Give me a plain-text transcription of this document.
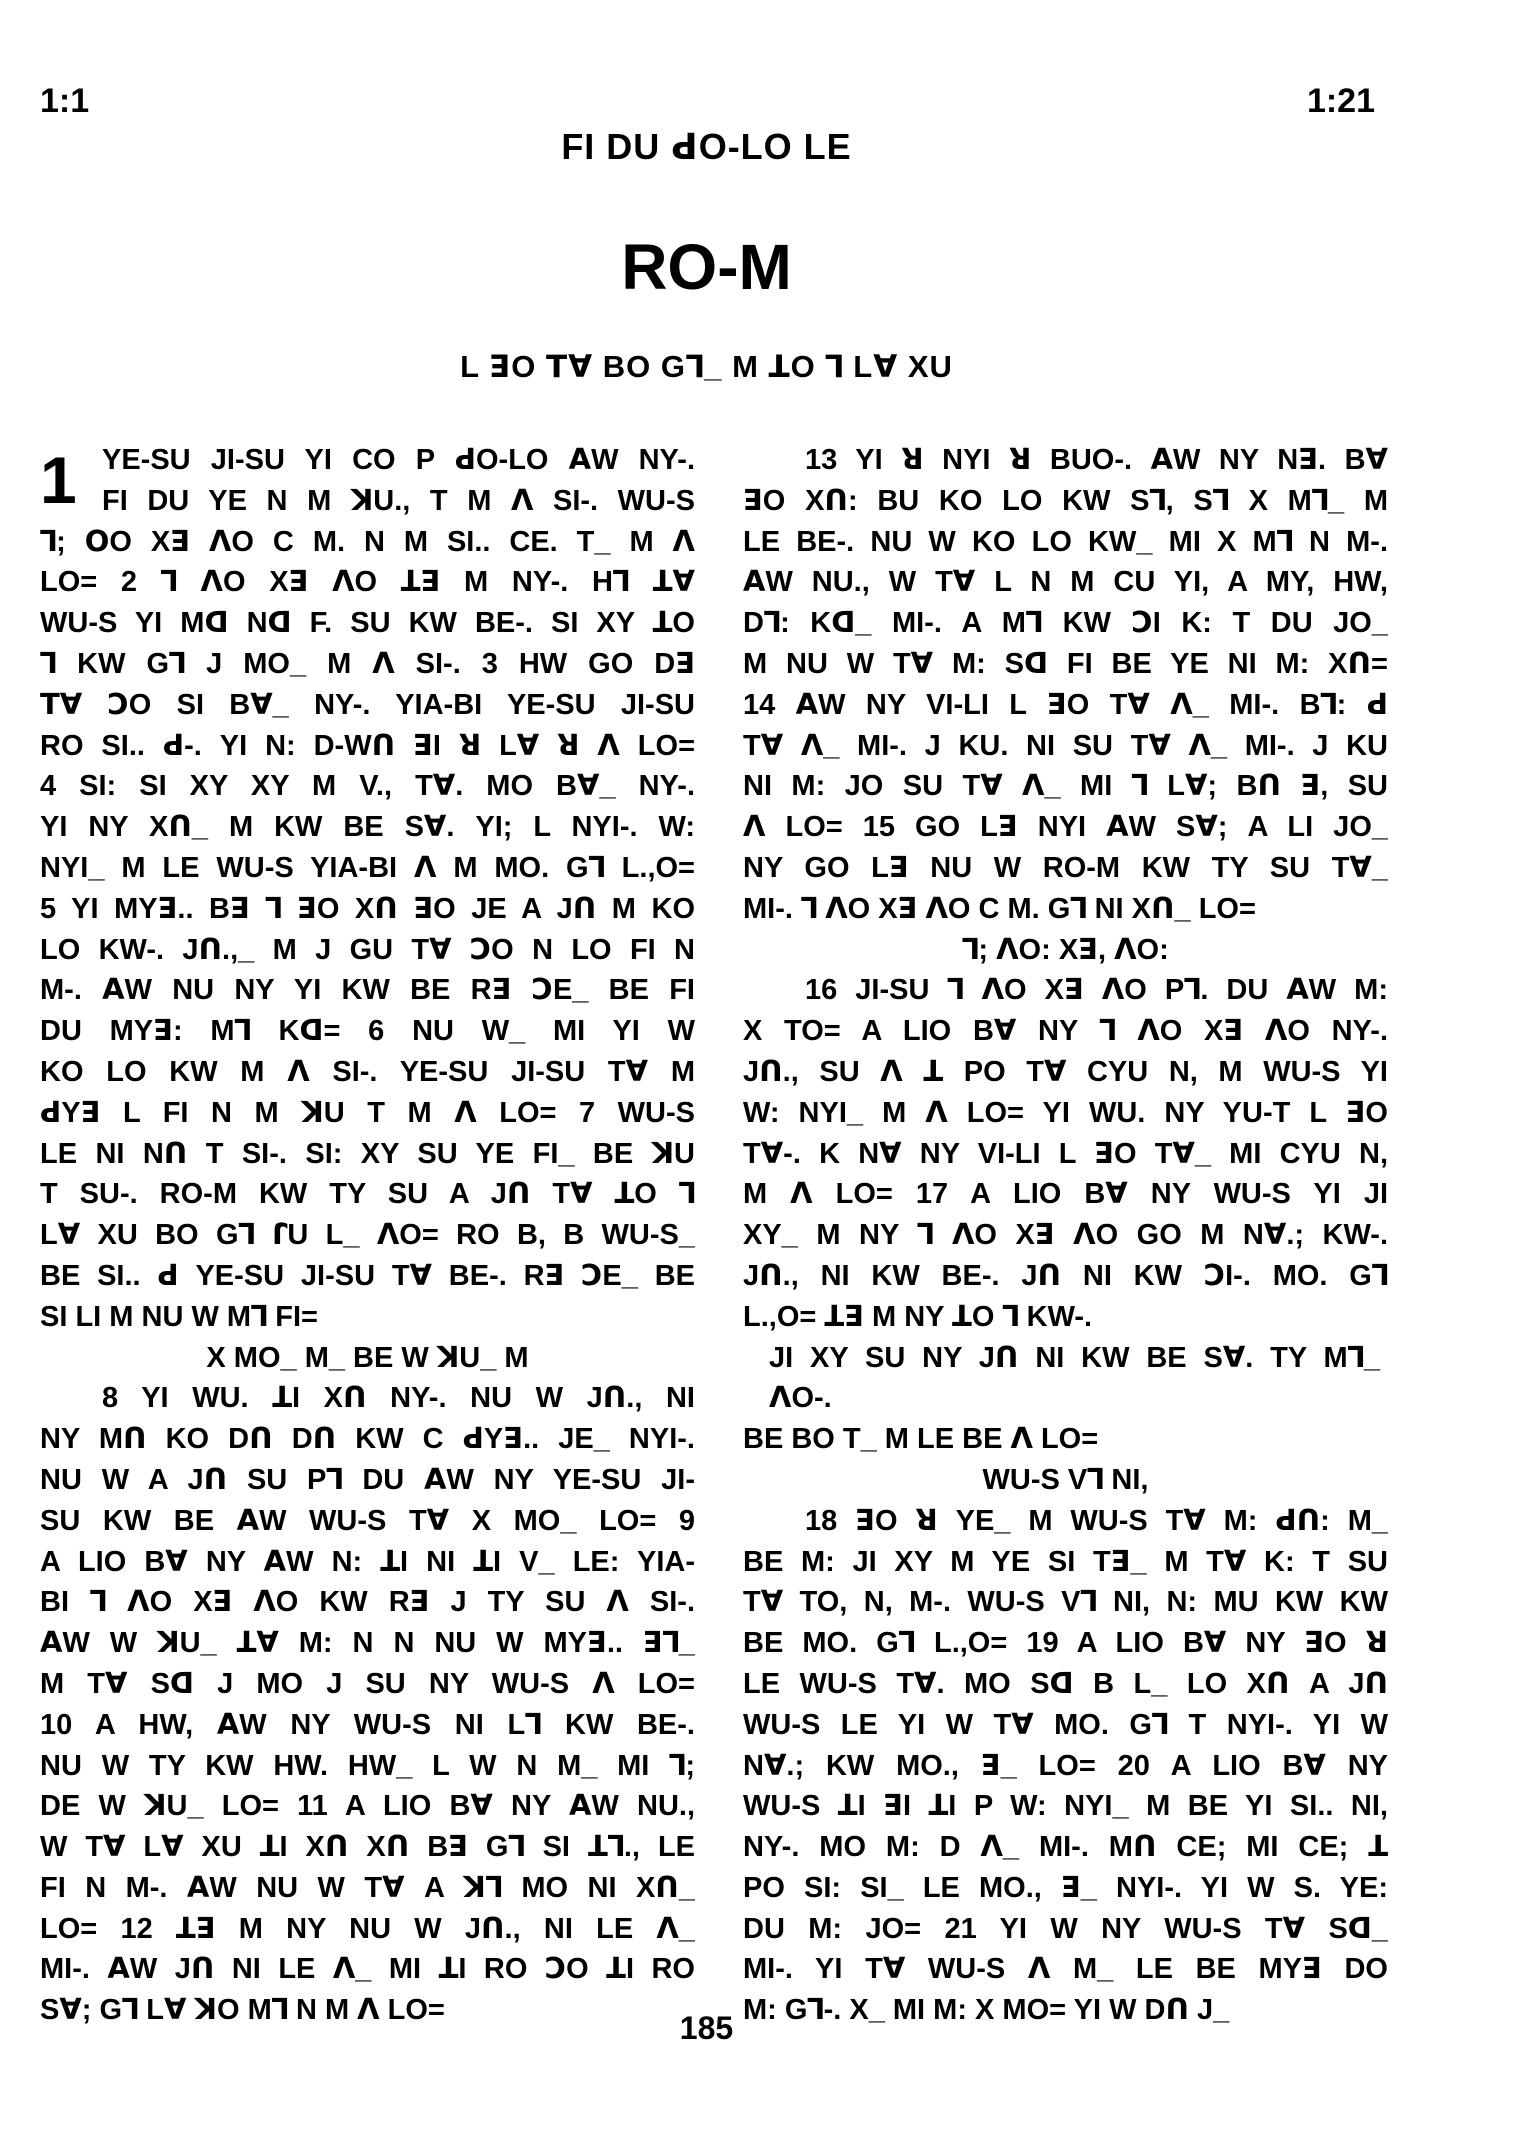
1:1	1:21
FI DU ꓒO-LO LE
RO-M
L ꓱO ꓔꓯ BO Gꓶ_ M ꓕO ꓶ Lꓯ XU
1 YE-SU JI-SU YI CO P ꓒO-LO ꓮW NY-.
FI DU YE N M ꓘU., T M ꓥ SI-. WU-S
ꓶ; ꓳO Xꓱ ꓥO C M. N M SI.. CE. T_ M ꓥ
LO= 2 ꓶ ꓥO Xꓱ ꓥO ꓕꓱ M NY-. Hꓶ ꓕꓯ
WU-S YI Mꓷ Nꓷ F. SU KW BE-. SI XY ꓕO
ꓶ KW Gꓶ J MO_ M ꓥ SI-. 3 HW GO Dꓱ
ꓔꓯ ꓛO SI Bꓯ_ NY-. YIA-BI YE-SU JI-SU
RO SI.. ꓒ-. YI N: D-Wꓵ ꓱI ꓤ Lꓯ ꓤ ꓥ LO=
4 SI: SI XY XY M V., Tꓯ. MO Bꓯ_ NY-.
YI NY Xꓵ_ M KW BE Sꓯ. YI; L NYI-. W:
NYI_ M LE WU-S YIA-BI ꓥ M MO. Gꓶ L.,O=
5 YI MYꓱ.. Bꓱ ꓶ ꓱO Xꓵ ꓱO JE A Jꓵ M KO
LO KW-. Jꓵ.,_ M J GU Tꓯ ꓛO N LO FI N
M-. ꓮW NU NY YI KW BE Rꓱ ꓛE_ BE FI
DU MYꓱ: Mꓶ Kꓷ= 6 NU W_ MI YI W
KO LO KW M ꓥ SI-. YE-SU JI-SU Tꓯ M
ꓒYꓱ L FI N M ꓘU T M ꓥ LO= 7 WU-S
LE NI Nꓵ T SI-. SI: XY SU YE FI_ BE ꓘU
T SU-. RO-M KW TY SU A Jꓵ Tꓯ ꓕO ꓶ
Lꓯ XU BO Gꓶ ꓩU L_ ꓥO= RO B, B WU-S_
BE SI.. ꓒ YE-SU JI-SU Tꓯ BE-. Rꓱ ꓛE_ BE
SI LI M NU W Mꓶ FI=
X MO_ M_ BE W ꓘU_ M
8 YI WU. ꓕI Xꓵ NY-. NU W Jꓵ., NI
NY Mꓵ KO Dꓵ Dꓵ KW C ꓒYꓱ.. JE_ NYI-.
NU W A Jꓵ SU Pꓶ DU ꓮW NY YE-SU JI-
SU KW BE ꓮW WU-S Tꓯ X MO_ LO= 9
A LIO Bꓯ NY ꓮW N: ꓕI NI ꓕI V_ LE: YIA-
BI ꓶ ꓥO Xꓱ ꓥO KW Rꓱ J TY SU ꓥ SI-.
ꓮW W ꓘU_ ꓕꓯ M: N N NU W MYꓱ.. ꓱꓶ_
M Tꓯ Sꓷ J MO J SU NY WU-S ꓥ LO=
10 A HW, ꓮW NY WU-S NI Lꓶ KW BE-.
NU W TY KW HW. HW_ L W N M_ MI ꓶ;
DE W ꓘU_ LO= 11 A LIO Bꓯ NY ꓮW NU.,
W Tꓯ Lꓯ XU ꓕI Xꓵ Xꓵ Bꓱ Gꓶ SI ꓕꓶ., LE
FI N M-. ꓮW NU W Tꓯ A ꓘꓶ MO NI Xꓵ_
LO= 12 ꓕꓱ M NY NU W Jꓵ., NI LE ꓥ_
MI-. ꓮW Jꓵ NI LE ꓥ_ MI ꓕI RO ꓛO ꓕI RO
Sꓯ; Gꓶ Lꓯ ꓘO Mꓶ N M ꓥ LO=
13 YI ꓤ NYI ꓤ BUO-. ꓮW NY Nꓱ. Bꓯ
ꓱO Xꓵ: BU KO LO KW Sꓶ, Sꓶ X Mꓶ_ M
LE BE-. NU W KO LO KW_ MI X Mꓶ N M-.
ꓮW NU., W Tꓯ L N M CU YI, A MY, HW,
Dꓶ: Kꓷ_ MI-. A Mꓶ KW ꓛI K: T DU JO_
M NU W Tꓯ M: Sꓷ FI BE YE NI M: Xꓵ=
14 ꓮW NY VI-LI L ꓱO Tꓯ ꓥ_ MI-. Bꓶ: ꓒ
Tꓯ ꓥ_ MI-. J KU. NI SU Tꓯ ꓥ_ MI-. J KU
NI M: JO SU Tꓯ ꓥ_ MI ꓶ Lꓯ; Bꓵ ꓱ, SU
ꓥ LO= 15 GO Lꓱ NYI ꓮW Sꓯ; A LI JO_
NY GO Lꓱ NU W RO-M KW TY SU Tꓯ_
MI-. ꓶ ꓥO Xꓱ ꓥO C M. Gꓶ NI Xꓵ_ LO=
ꓶ; ꓥO: Xꓱ, ꓥO:
16 JI-SU ꓶ ꓥO Xꓱ ꓥO Pꓶ. DU ꓮW M:
X TO= A LIO Bꓯ NY ꓶ ꓥO Xꓱ ꓥO NY-.
Jꓵ., SU ꓥ ꓕ PO Tꓯ CYU N, M WU-S YI
W: NYI_ M ꓥ LO= YI WU. NY YU-T L ꓱO
Tꓯ-. K Nꓯ NY VI-LI L ꓱO Tꓯ_ MI CYU N,
M ꓥ LO= 17 A LIO Bꓯ NY WU-S YI JI
XY_ M NY ꓶ ꓥO Xꓱ ꓥO GO M Nꓯ.; KW-.
Jꓵ., NI KW BE-. Jꓵ NI KW ꓛI-. MO. Gꓶ
L.,O= ꓕꓱ M NY ꓕO ꓶ KW-.
JI XY SU NY Jꓵ NI KW BE Sꓯ. TY Mꓶ_
ꓥO-.
BE BO T_ M LE BE ꓥ LO=
WU-S Vꓶ NI,
18 ꓱO ꓤ YE_ M WU-S Tꓯ M: ꓒꓵ: M_
BE M: JI XY M YE SI Tꓱ_ M Tꓯ K: T SU
Tꓯ TO, N, M-. WU-S Vꓶ NI, N: MU KW KW
BE MO. Gꓶ L.,O= 19 A LIO Bꓯ NY ꓱO ꓤ
LE WU-S Tꓯ. MO Sꓷ B L_ LO Xꓵ A Jꓵ
WU-S LE YI W Tꓯ MO. Gꓶ T NYI-. YI W
Nꓯ.; KW MO., ꓱ_ LO= 20 A LIO Bꓯ NY
WU-S ꓕI ꓱI ꓕI P W: NYI_ M BE YI SI.. NI,
NY-. MO M: D ꓥ_ MI-. Mꓵ CE; MI CE; ꓕ
PO SI: SI_ LE MO., ꓱ_ NYI-. YI W S. YE:
DU M: JO= 21 YI W NY WU-S Tꓯ Sꓷ_
MI-. YI Tꓯ WU-S ꓥ M_ LE BE MYꓱ DO
M: Gꓶ-. X_ MI M: X MO= YI W Dꓵ J_
185
